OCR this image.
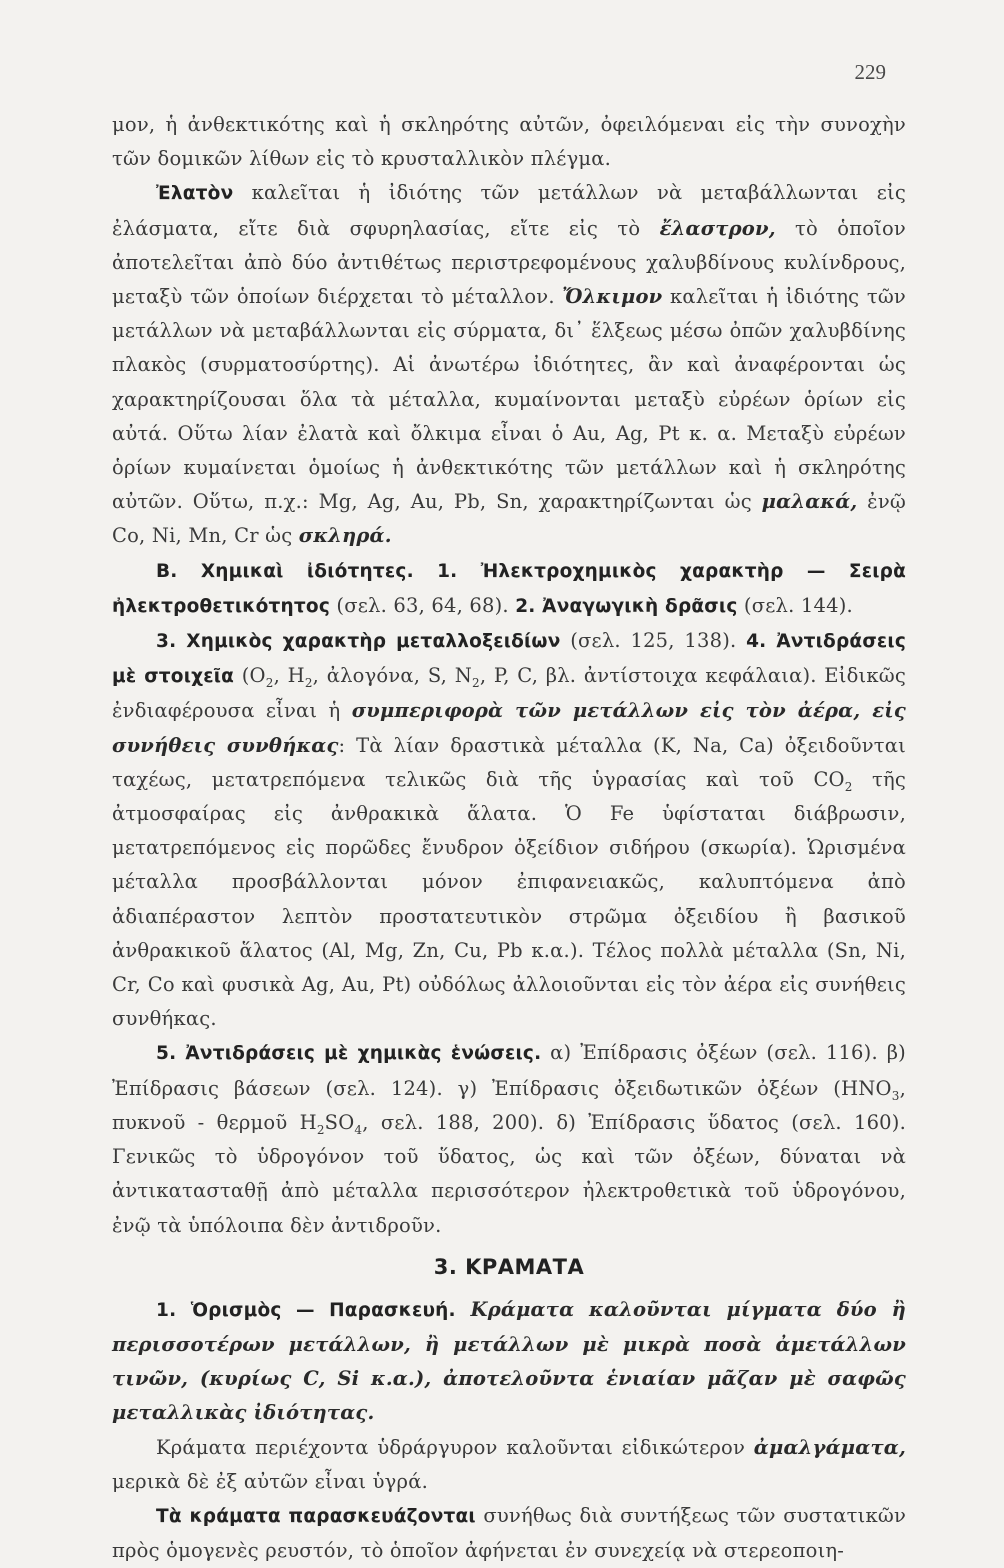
229

μον, ἡ ἀνθεκτικότης καὶ ἡ σκληρότης αὐτῶν, ὀφειλόμεναι εἰς τὴν συνοχὴν τῶν δομικῶν λίθων εἰς τὸ κρυσταλλικὸν πλέγμα.

Ἐλατὸν καλεῖται ἡ ἰδιότης τῶν μετάλλων νὰ μεταβάλλωνται εἰς ἐλάσματα, εἴτε διὰ σφυρηλασίας, εἴτε εἰς τὸ ἔλαστρον, τὸ ὁποῖον ἀποτελεῖται ἀπὸ δύο ἀντιθέτως περιστρεφομένους χαλυβδίνους κυλίνδρους, μεταξὺ τῶν ὁποίων διέρχεται τὸ μέταλλον. Ὄλκιμον καλεῖται ἡ ἰδιότης τῶν μετάλλων νὰ μεταβάλλωνται εἰς σύρματα, δι᾽ ἕλξεως μέσω ὀπῶν χαλυβδίνης πλακὸς (συρματοσύρτης). Αἱ ἀνωτέρω ἰδιότητες, ἂν καὶ ἀναφέρονται ὡς χαρακτηρίζουσαι ὅλα τὰ μέταλλα, κυμαίνονται μεταξὺ εὐρέων ὁρίων εἰς αὐτά. Οὕτω λίαν ἐλατὰ καὶ ὄλκιμα εἶναι ὁ Au, Ag, Pt κ. α. Μεταξὺ εὐρέων ὁρίων κυμαίνεται ὁμοίως ἡ ἀνθεκτικότης τῶν μετάλλων καὶ ἡ σκληρότης αὐτῶν. Οὕτω, π.χ.: Mg, Ag, Au, Pb, Sn, χαρακτηρίζωνται ὡς μαλακά, ἐνῷ Co, Ni, Mn, Cr ὡς σκληρά.

B. Χημικαὶ ἰδιότητες. 1. Ἠλεκτροχημικὸς χαρακτὴρ — Σειρὰ ἠλεκτροθετικότητος (σελ. 63, 64, 68). 2. Ἀναγωγικὴ δρᾶσις (σελ. 144).

3. Χημικὸς χαρακτὴρ μεταλλοξειδίων (σελ. 125, 138). 4. Ἀντιδράσεις μὲ στοιχεῖα ($O_2$, $H_2$, ἀλογόνα, S, $N_2$, P, C, βλ. ἀντίστοιχα κεφάλαια). Εἰδικῶς ἐνδιαφέρουσα εἶναι ἡ συμπεριφορὰ τῶν μετάλλων εἰς τὸν ἀέρα, εἰς συνήθεις συνθήκας: Τὰ λίαν δραστικὰ μέταλλα (K, Na, Ca) ὀξειδοῦνται ταχέως, μετατρεπόμενα τελικῶς διὰ τῆς ὑγρασίας καὶ τοῦ $CO_2$ τῆς ἀτμοσφαίρας εἰς ἀνθρακικὰ ἅλατα. Ὁ Fe ὑφίσταται διάβρωσιν, μετατρεπόμενος εἰς πορῶδες ἔνυδρον ὀξείδιον σιδήρου (σκωρία). Ὡρισμένα μέταλλα προσβάλλονται μόνον ἐπιφανειακῶς, καλυπτόμενα ἀπὸ ἀδιαπέραστον λεπτὸν προστατευτικὸν στρῶμα ὀξειδίου ἢ βασικοῦ ἀνθρακικοῦ ἅλατος (Al, Mg, Zn, Cu, Pb κ.α.). Τέλος πολλὰ μέταλλα (Sn, Ni, Cr, Co καὶ φυσικὰ Ag, Au, Pt) οὐδόλως ἀλλοιοῦνται εἰς τὸν ἀέρα εἰς συνήθεις συνθήκας.

5. Ἀντιδράσεις μὲ χημικὰς ἑνώσεις. α) Ἐπίδρασις ὀξέων (σελ. 116). β) Ἐπίδρασις βάσεων (σελ. 124). γ) Ἐπίδρασις ὀξειδωτικῶν ὀξέων ($HNO_3$, πυκνοῦ - θερμοῦ $H_2SO_4$, σελ. 188, 200). δ) Ἐπίδρασις ὕδατος (σελ. 160). Γενικῶς τὸ ὑδρογόνον τοῦ ὕδατος, ὡς καὶ τῶν ὀξέων, δύναται νὰ ἀντικατασταθῇ ἀπὸ μέταλλα περισσότερον ἠλεκτροθετικὰ τοῦ ὑδρογόνου, ἐνῷ τὰ ὑπόλοιπα δὲν ἀντιδροῦν.

3. ΚΡΑΜΑΤΑ

1. Ὁρισμὸς — Παρασκευή. Κράματα καλοῦνται μίγματα δύο ἢ περισσοτέρων μετάλλων, ἢ μετάλλων μὲ μικρὰ ποσὰ ἀμετάλλων τινῶν, (κυρίως C, Si κ.α.), ἀποτελοῦντα ἑνιαίαν μᾶζαν μὲ σαφῶς μεταλλικὰς ἰδιότητας.

Κράματα περιέχοντα ὑδράργυρον καλοῦνται εἰδικώτερον ἀμαλγάματα, μερικὰ δὲ ἐξ αὐτῶν εἶναι ὑγρά.

Τὰ κράματα παρασκευάζονται συνήθως διὰ συντήξεως τῶν συστατικῶν πρὸς ὁμογενὲς ρευστόν, τὸ ὁποῖον ἀφήνεται ἐν συνεχείᾳ νὰ στερεοποιη-
